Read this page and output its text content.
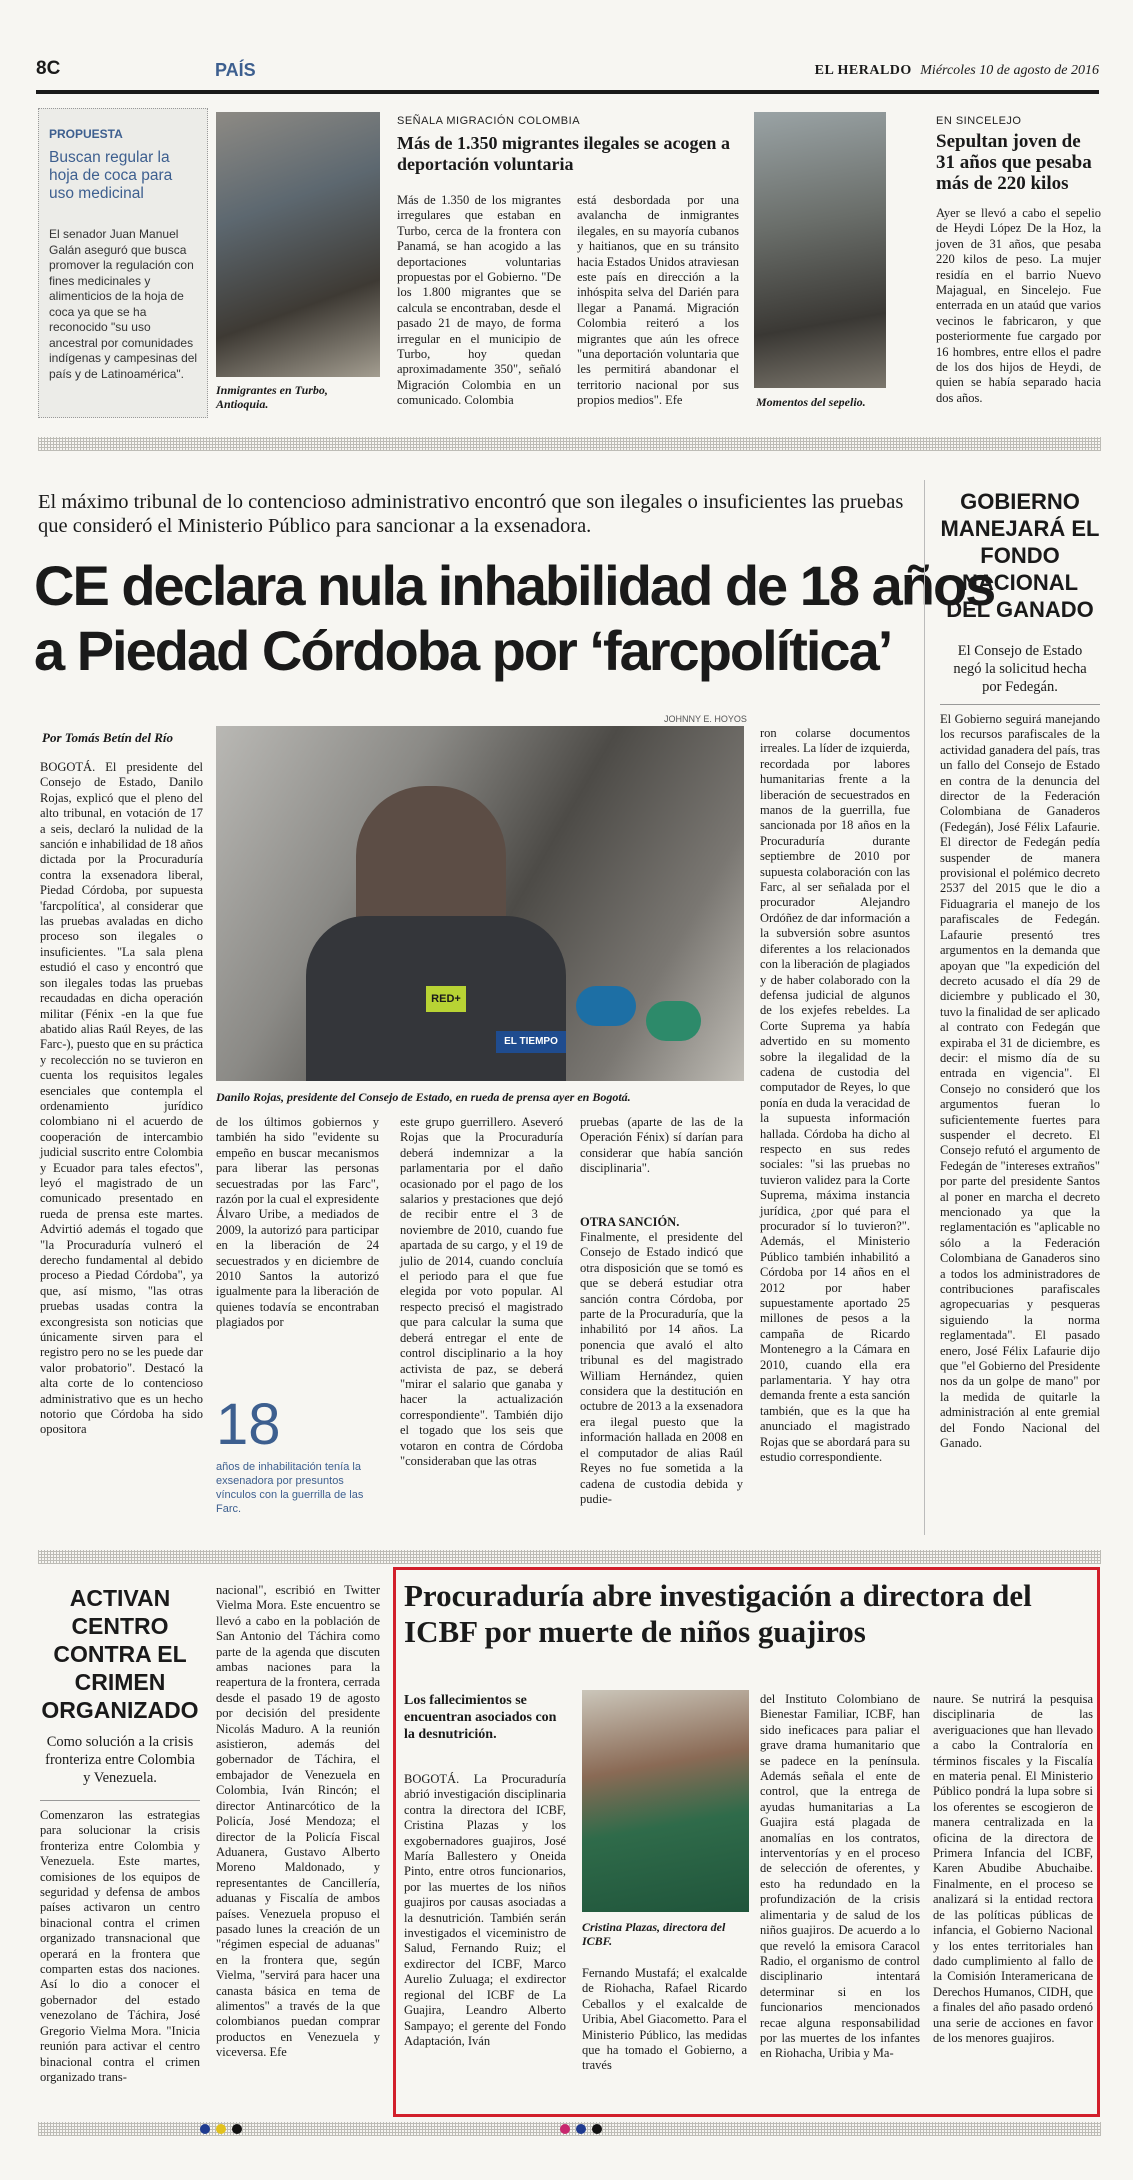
8C	PAÍS	EL HERALDO Miércoles 10 de agosto de 2016
PROPUESTA
Buscan regular la hoja de coca para uso medicinal
El senador Juan Manuel Galán aseguró que busca promover la regulación con fines medicinales y alimenticios de la hoja de coca ya que se ha reconocido "su uso ancestral por comunidades indígenas y campesinas del país y de Latinoamérica".
Inmigrantes en Turbo, Antioquia.
SEÑALA MIGRACIÓN COLOMBIA
Más de 1.350 migrantes ilegales se acogen a deportación voluntaria
Más de 1.350 de los migrantes irregulares que estaban en Turbo, cerca de la frontera con Panamá, se han acogido a las deportaciones voluntarias propuestas por el Gobierno. "De los 1.800 migrantes que se calcula se encontraban, desde el pasado 21 de mayo, de forma irregular en el municipio de Turbo, hoy quedan aproximadamente 350", señaló Migración Colombia en un comunicado. Colombia
está desbordada por una avalancha de inmigrantes ilegales, en su mayoría cubanos y haitianos, que en su tránsito hacia Estados Unidos atraviesan este país en dirección a la inhóspita selva del Darién para llegar a Panamá. Migración Colombia reiteró a los migrantes que aún les ofrece "una deportación voluntaria que les permitirá abandonar el territorio nacional por sus propios medios". Efe	Momentos del sepelio.
EN SINCELEJO
Sepultan joven de 31 años que pesaba más de 220 kilos
Ayer se llevó a cabo el sepelio de Heydi López De la Hoz, la joven de 31 años, que pesaba 220 kilos de peso. La mujer residía en el barrio Nuevo Majagual, en Sincelejo. Fue enterrada en un ataúd que varios vecinos le fabricaron, y que posteriormente fue cargado por 16 hombres, entre ellos el padre de los dos hijos de Heydi, de quien se había separado hacia dos años.
El máximo tribunal de lo contencioso administrativo encontró que son ilegales o insuficientes las pruebas que consideró el Ministerio Público para sancionar a la exsenadora.
CE declara nula inhabilidad de 18 años
a Piedad Córdoba por ‘farcpolítica’
Por Tomás Betín del Río
JOHNNY E. HOYOS
RED+
EL TIEMPO
Danilo Rojas, presidente del Consejo de Estado, en rueda de prensa ayer en Bogotá.
BOGOTÁ. El presidente del Consejo de Estado, Danilo Rojas, explicó que el pleno del alto tribunal, en votación de 17 a seis, declaró la nulidad de la sanción e inhabilidad de 18 años dictada por la Procuraduría contra la exsenadora liberal, Piedad Córdoba, por supuesta 'farcpolítica', al considerar que las pruebas avaladas en dicho proceso son ilegales o insuficientes. "La sala plena estudió el caso y encontró que son ilegales todas las pruebas recaudadas en dicha operación militar (Fénix -en la que fue abatido alias Raúl Reyes, de las Farc-), puesto que en su práctica y recolección no se tuvieron en cuenta los requisitos legales esenciales que contempla el ordenamiento jurídico colombiano ni el acuerdo de cooperación de intercambio judicial suscrito entre Colombia y Ecuador para tales efectos", leyó el magistrado de un comunicado presentado en rueda de prensa este martes. Advirtió además el togado que "la Procuraduría vulneró el derecho fundamental al debido proceso a Piedad Córdoba", ya que, así mismo, "las otras pruebas usadas contra la excongresista son noticias que únicamente sirven para el registro pero no se les puede dar valor probatorio". Destacó la alta corte de lo contencioso administrativo que es un hecho notorio que Córdoba ha sido opositora
de los últimos gobiernos y también ha sido "evidente su empeño en buscar mecanismos para liberar las personas secuestradas por las Farc", razón por la cual el expresidente Álvaro Uribe, a mediados de 2009, la autorizó para participar en la liberación de 24 secuestrados y en diciembre de 2010 Santos la autorizó igualmente para la liberación de quienes todavía se encontraban plagiados por
este grupo guerrillero. Aseveró Rojas que la Procuraduría deberá indemnizar a la parlamentaria por el daño ocasionado por el pago de los salarios y prestaciones que dejó de recibir entre el 3 de noviembre de 2010, cuando fue apartada de su cargo, y el 19 de julio de 2014, cuando concluía el periodo para el que fue elegida por voto popular. Al respecto precisó el magistrado que para calcular la suma que deberá entregar el ente de control disciplinario a la hoy activista de paz, se deberá "mirar el salario que ganaba y hacer la actualización correspondiente". También dijo el togado que los seis que votaron en contra de Córdoba "consideraban que las otras
pruebas (aparte de las de la Operación Fénix) sí darían para considerar que había sanción disciplinaria".
OTRA SANCIÓN.
Finalmente, el presidente del Consejo de Estado indicó que otra disposición que se tomó es que se deberá estudiar otra sanción contra Córdoba, por parte de la Procuraduría, que la inhabilitó por 14 años. La ponencia que avaló el alto tribunal es del magistrado William Hernández, quien considera que la destitución en octubre de 2013 a la exsenadora era ilegal puesto que la información hallada en 2008 en el computador de alias Raúl Reyes no fue sometida a la cadena de custodia debida y pudie-
ron colarse documentos irreales. La líder de izquierda, recordada por labores humanitarias frente a la liberación de secuestrados en manos de la guerrilla, fue sancionada por 18 años en la Procuraduría durante septiembre de 2010 por supuesta colaboración con las Farc, al ser señalada por el procurador Alejandro Ordóñez de dar información a la subversión sobre asuntos diferentes a los relacionados con la liberación de plagiados y de haber colaborado con la defensa judicial de algunos de los exjefes rebeldes. La Corte Suprema ya había advertido en su momento sobre la ilegalidad de la cadena de custodia del computador de Reyes, lo que ponía en duda la veracidad de la supuesta información hallada. Córdoba ha dicho al respecto en sus redes sociales: "si las pruebas no tuvieron validez para la Corte Suprema, máxima instancia jurídica, ¿por qué para el procurador sí lo tuvieron?". Además, el Ministerio Público también inhabilitó a Córdoba por 14 años en el 2012 por haber supuestamente aportado 25 millones de pesos a la campaña de Ricardo Montenegro a la Cámara en 2010, cuando ella era parlamentaria. Y hay otra demanda frente a esta sanción también, que es la que ha anunciado el magistrado Rojas que se abordará para su estudio correspondiente.
18
años de inhabilitación tenía la exsenadora por presuntos vínculos con la guerrilla de las Farc.
GOBIERNO MANEJARÁ EL FONDO NACIONAL DEL GANADO
El Consejo de Estado negó la solicitud hecha por Fedegán.
El Gobierno seguirá manejando los recursos parafiscales de la actividad ganadera del país, tras un fallo del Consejo de Estado en contra de la denuncia del director de la Federación Colombiana de Ganaderos (Fedegán), José Félix Lafaurie. El director de Fedegán pedía suspender de manera provisional el polémico decreto 2537 del 2015 que le dio a Fiduagraria el manejo de los parafiscales de Fedegán. Lafaurie presentó tres argumentos en la demanda que apoyan que "la expedición del decreto acusado el día 29 de diciembre y publicado el 30, tuvo la finalidad de ser aplicado al contrato con Fedegán que expiraba el 31 de diciembre, es decir: el mismo día de su entrada en vigencia". El Consejo no consideró que los argumentos fueran lo suficientemente fuertes para suspender el decreto. El Consejo refutó el argumento de Fedegán de "intereses extraños" por parte del presidente Santos al poner en marcha el decreto mencionado ya que la reglamentación es "aplicable no sólo a la Federación Colombiana de Ganaderos sino a todos los administradores de contribuciones parafiscales agropecuarias y pesqueras siguiendo la norma reglamentada". El pasado enero, José Félix Lafaurie dijo que "el Gobierno del Presidente nos da un golpe de mano" por la medida de quitarle la administración al ente gremial del Fondo Nacional del Ganado.
ACTIVAN CENTRO CONTRA EL CRIMEN ORGANIZADO
Como solución a la crisis fronteriza entre Colombia y Venezuela.
Comenzaron las estrategias para solucionar la crisis fronteriza entre Colombia y Venezuela. Este martes, comisiones de los equipos de seguridad y defensa de ambos países activaron un centro binacional contra el crimen organizado transnacional que operará en la frontera que comparten estas dos naciones. Así lo dio a conocer el gobernador del estado venezolano de Táchira, José Gregorio Vielma Mora. "Inicia reunión para activar el centro binacional contra el crimen organizado trans-
nacional", escribió en Twitter Vielma Mora. Este encuentro se llevó a cabo en la población de San Antonio del Táchira como parte de la agenda que discuten ambas naciones para la reapertura de la frontera, cerrada desde el pasado 19 de agosto por decisión del presidente Nicolás Maduro. A la reunión asistieron, además del gobernador de Táchira, el embajador de Venezuela en Colombia, Iván Rincón; el director Antinarcótico de la Policía, José Mendoza; el director de la Policía Fiscal Aduanera, Gustavo Alberto Moreno Maldonado, y representantes de Cancillería, aduanas y Fiscalía de ambos países. Venezuela propuso el pasado lunes la creación de un "régimen especial de aduanas" en la frontera que, según Vielma, "servirá para hacer una canasta básica en tema de alimentos" a través de la que colombianos puedan comprar productos en Venezuela y viceversa. Efe
Procuraduría abre investigación a directora del ICBF por muerte de niños guajiros
Los fallecimientos se encuentran asociados con la desnutrición.
BOGOTÁ. La Procuraduría abrió investigación disciplinaria contra la directora del ICBF, Cristina Plazas y los exgobernadores guajiros, José María Ballestero y Oneida Pinto, entre otros funcionarios, por las muertes de los niños guajiros por causas asociadas a la desnutrición. También serán investigados el viceministro de Salud, Fernando Ruiz; el exdirector del ICBF, Marco Aurelio Zuluaga; el exdirector regional del ICBF de La Guajira, Leandro Alberto Sampayo; el gerente del Fondo Adaptación, Iván
Cristina Plazas, directora del ICBF.
Fernando Mustafá; el exalcalde de Riohacha, Rafael Ricardo Ceballos y el exalcalde de Uribia, Abel Giacometto. Para el Ministerio Público, las medidas que ha tomado el Gobierno, a través
del Instituto Colombiano de Bienestar Familiar, ICBF, han sido ineficaces para paliar el grave drama humanitario que se padece en la península. Además señala el ente de control, que la entrega de ayudas humanitarias a La Guajira está plagada de anomalías en los contratos, interventorías y en el proceso de selección de oferentes, y esto ha redundado en la profundización de la crisis alimentaria y de salud de los niños guajiros. De acuerdo a lo que reveló la emisora Caracol Radio, el organismo de control disciplinario intentará determinar si en los funcionarios mencionados recae alguna responsabilidad por las muertes de los infantes en Riohacha, Uribia y Ma-
naure. Se nutrirá la pesquisa disciplinaria de las averiguaciones que han llevado a cabo la Contraloría en términos fiscales y la Fiscalía en materia penal. El Ministerio Público pondrá la lupa sobre si los oferentes se escogieron de manera centralizada en la oficina de la directora de Primera Infancia del ICBF, Karen Abudibe Abuchaibe. Finalmente, en el proceso se analizará si la entidad rectora de las políticas públicas de infancia, el Gobierno Nacional y los entes territoriales han dado cumplimiento al fallo de la Comisión Interamericana de Derechos Humanos, CIDH, que a finales del año pasado ordenó una serie de acciones en favor de los menores guajiros.
